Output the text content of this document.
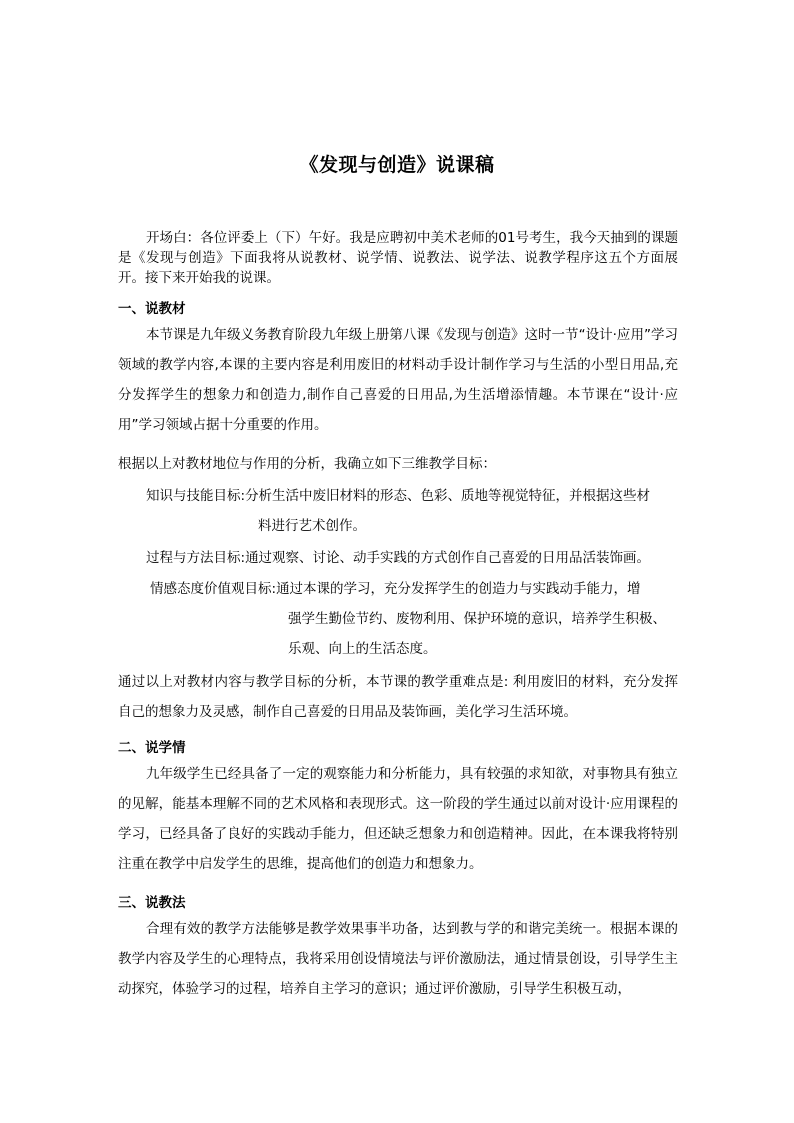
《发现与创造》说课稿
开场白：各位评委上（下）午好。我是应聘初中美术老师的01号考生，我今天抽到的课题是《发现与创造》下面我将从说教材、说学情、说教法、说学法、说教学程序这五个方面展开。接下来开始我的说课。
一、说教材
本节课是九年级义务教育阶段九年级上册第八课《发现与创造》这时一节“设计·应用”学习领域的教学内容,本课的主要内容是利用废旧的材料动手设计制作学习与生活的小型日用品,充分发挥学生的想象力和创造力,制作自己喜爱的日用品,为生活增添情趣。本节课在“设计·应用”学习领域占据十分重要的作用。
根据以上对教材地位与作用的分析，我确立如下三维教学目标：
知识与技能目标:分析生活中废旧材料的形态、色彩、质地等视觉特征，并根据这些材
料进行艺术创作。
过程与方法目标:通过观察、讨论、动手实践的方式创作自己喜爱的日用品活装饰画。
情感态度价值观目标:通过本课的学习，充分发挥学生的创造力与实践动手能力，增
强学生勤俭节约、废物利用、保护环境的意识，培养学生积极、
乐观、向上的生活态度。
通过以上对教材内容与教学目标的分析，本节课的教学重难点是: 利用废旧的材料，充分发挥自己的想象力及灵感，制作自己喜爱的日用品及装饰画，美化学习生活环境。
二、说学情
九年级学生已经具备了一定的观察能力和分析能力，具有较强的求知欲，对事物具有独立的见解，能基本理解不同的艺术风格和表现形式。这一阶段的学生通过以前对设计·应用课程的学习，已经具备了良好的实践动手能力，但还缺乏想象力和创造精神。因此，在本课我将特别注重在教学中启发学生的思维，提高他们的创造力和想象力。
三、说教法
合理有效的教学方法能够是教学效果事半功备，达到教与学的和谐完美统一。根据本课的教学内容及学生的心理特点，我将采用创设情境法与评价激励法，通过情景创设，引导学生主动探究，体验学习的过程，培养自主学习的意识；通过评价激励，引导学生积极互动，
